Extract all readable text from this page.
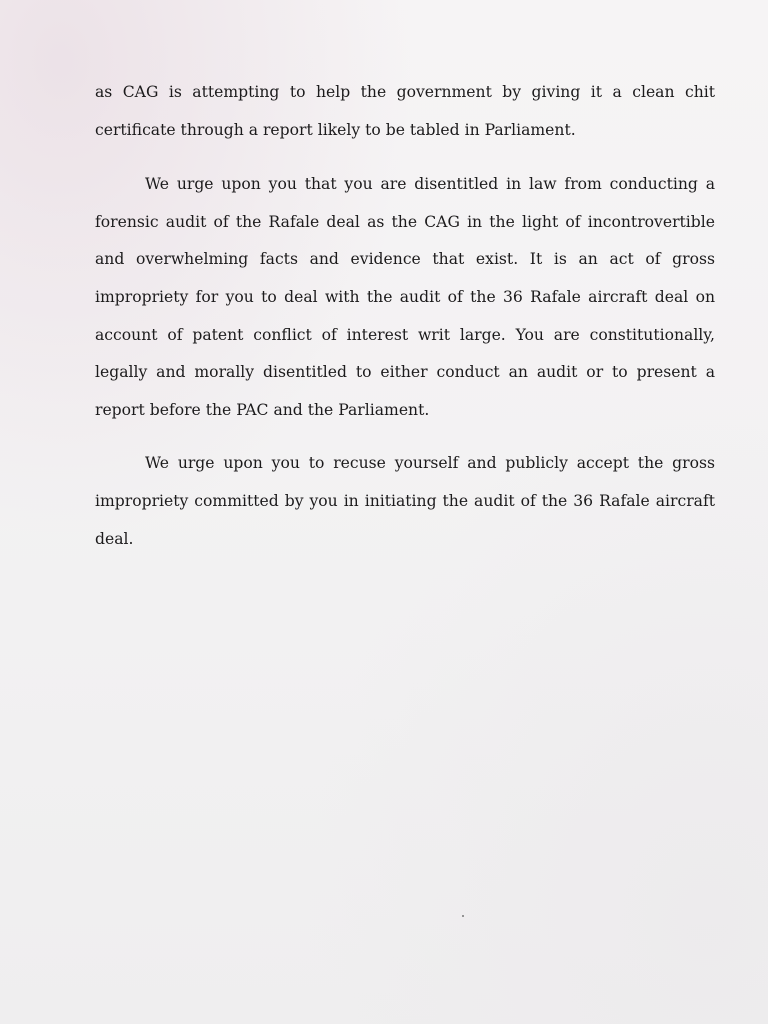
as CAG is attempting to help the government by giving it a clean chit certificate through a report likely to be tabled in Parliament.

We urge upon you that you are disentitled in law from conducting a forensic audit of the Rafale deal as the CAG in the light of incontrovertible and overwhelming facts and evidence that exist. It is an act of gross impropriety for you to deal with the audit of the 36 Rafale aircraft deal on account of patent conflict of interest writ large. You are constitutionally, legally and morally disentitled to either conduct an audit or to present a report before the PAC and the Parliament.

We urge upon you to recuse yourself and publicly accept the gross impropriety committed by you in initiating the audit of the 36 Rafale aircraft deal.
